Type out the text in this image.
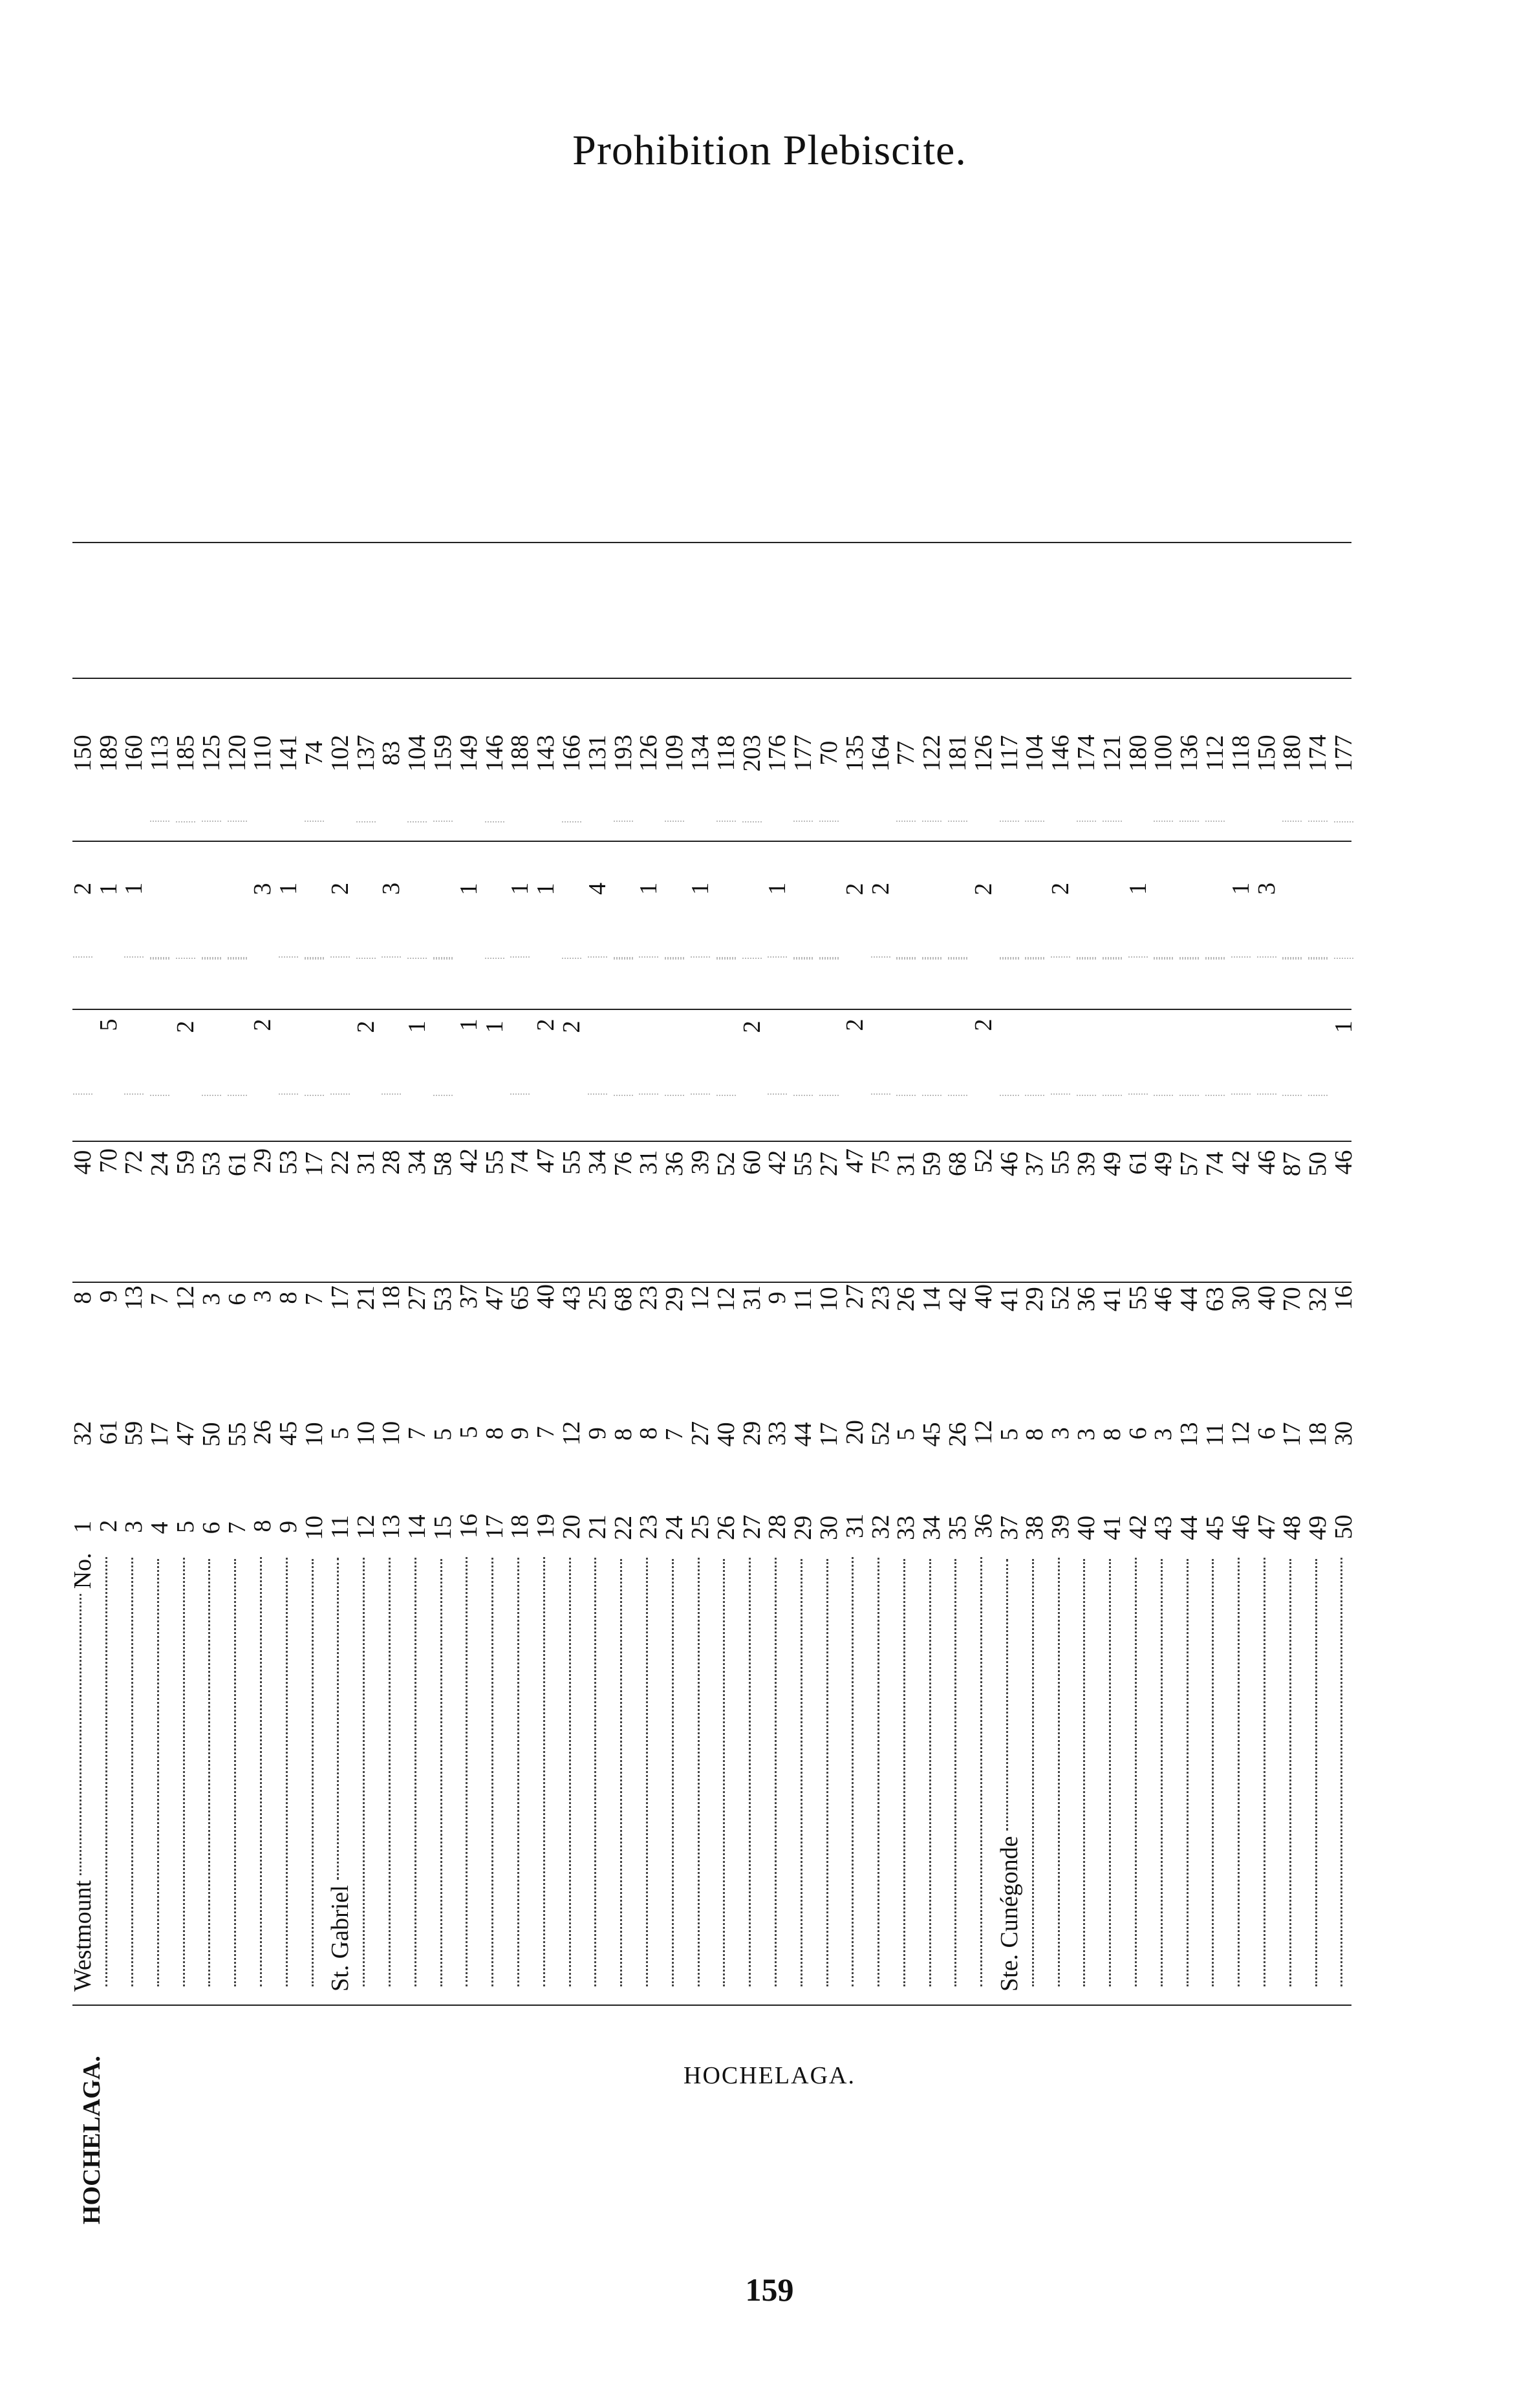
Prohibition Plebiscite.
Westmount
No.
1
32
8
40
2
150
2
61
9
70
5
1
189
3
59
13
72
1
160
4
17
7
24
113
5
47
12
59
2
185
6
50
3
53
125
7
55
6
61
120
8
26
3
29
2
3
110
9
45
8
53
1
141
10
10
7
17
74
St. Gabriel
11
5
17
22
2
102
12
10
21
31
2
137
13
10
18
28
3
83
14
7
27
34
1
104
15
5
53
58
159
16
5
37
42
1
1
149
17
8
47
55
1
146
18
9
65
74
1
188
19
7
40
47
2
1
143
20
12
43
55
2
166
21
9
25
34
4
131
22
8
68
76
193
23
8
23
31
1
126
24
7
29
36
109
25
27
12
39
1
134
26
40
12
52
118
27
29
31
60
2
203
28
33
9
42
1
176
29
44
11
55
177
30
17
10
27
70
31
20
27
47
2
2
135
32
52
23
75
2
164
33
5
26
31
77
34
45
14
59
122
35
26
42
68
181
36
12
40
52
2
2
126
Ste. Cunégonde
37
5
41
46
117
38
8
29
37
104
39
3
52
55
2
146
40
3
36
39
174
41
8
41
49
121
42
6
55
61
1
180
43
3
46
49
100
44
13
44
57
136
45
11
63
74
112
46
12
30
42
1
118
47
6
40
46
3
150
48
17
70
87
180
49
18
32
50
174
50
30
16
46
1
177
HOCHELAGA.	HOCHELAGA.
159
